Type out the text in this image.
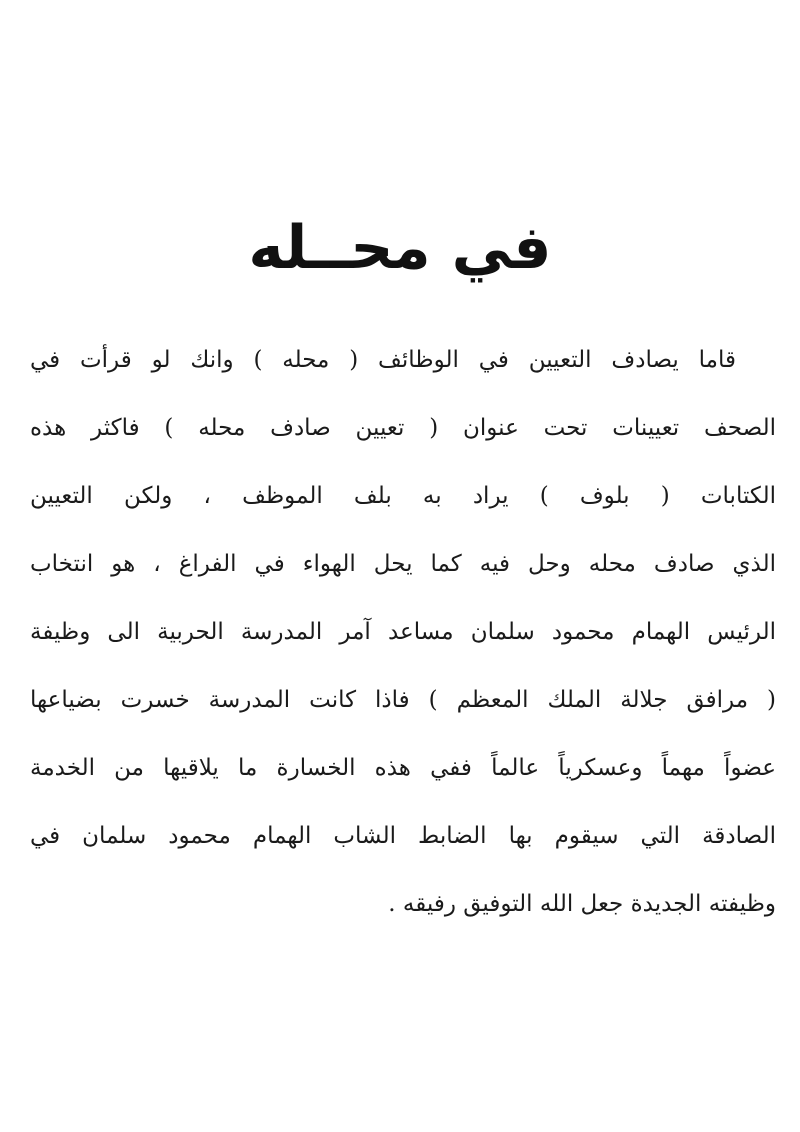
في محــله
قاما يصادف التعيين في الوظائف ( محله ) وانك لو قرأت في
الصحف تعيينات تحت عنوان ( تعيين صادف محله ) فاكثر هذه
الكتابات ( بلوف ) يراد به بلف الموظف ، ولكن التعيين
الذي صادف محله وحل فيه كما يحل الهواء في الفراغ ، هو انتخاب
الرئيس الهمام محمود سلمان مساعد آمر المدرسة الحربية الى وظيفة
( مرافق جلالة الملك المعظم ) فاذا كانت المدرسة خسرت بضياعها
عضواً مهماً وعسكرياً عالماً ففي هذه الخسارة ما يلاقيها من الخدمة
الصادقة التي سيقوم بها الضابط الشاب الهمام محمود سلمان في
وظيفته الجديدة جعل الله التوفيق رفيقه .
